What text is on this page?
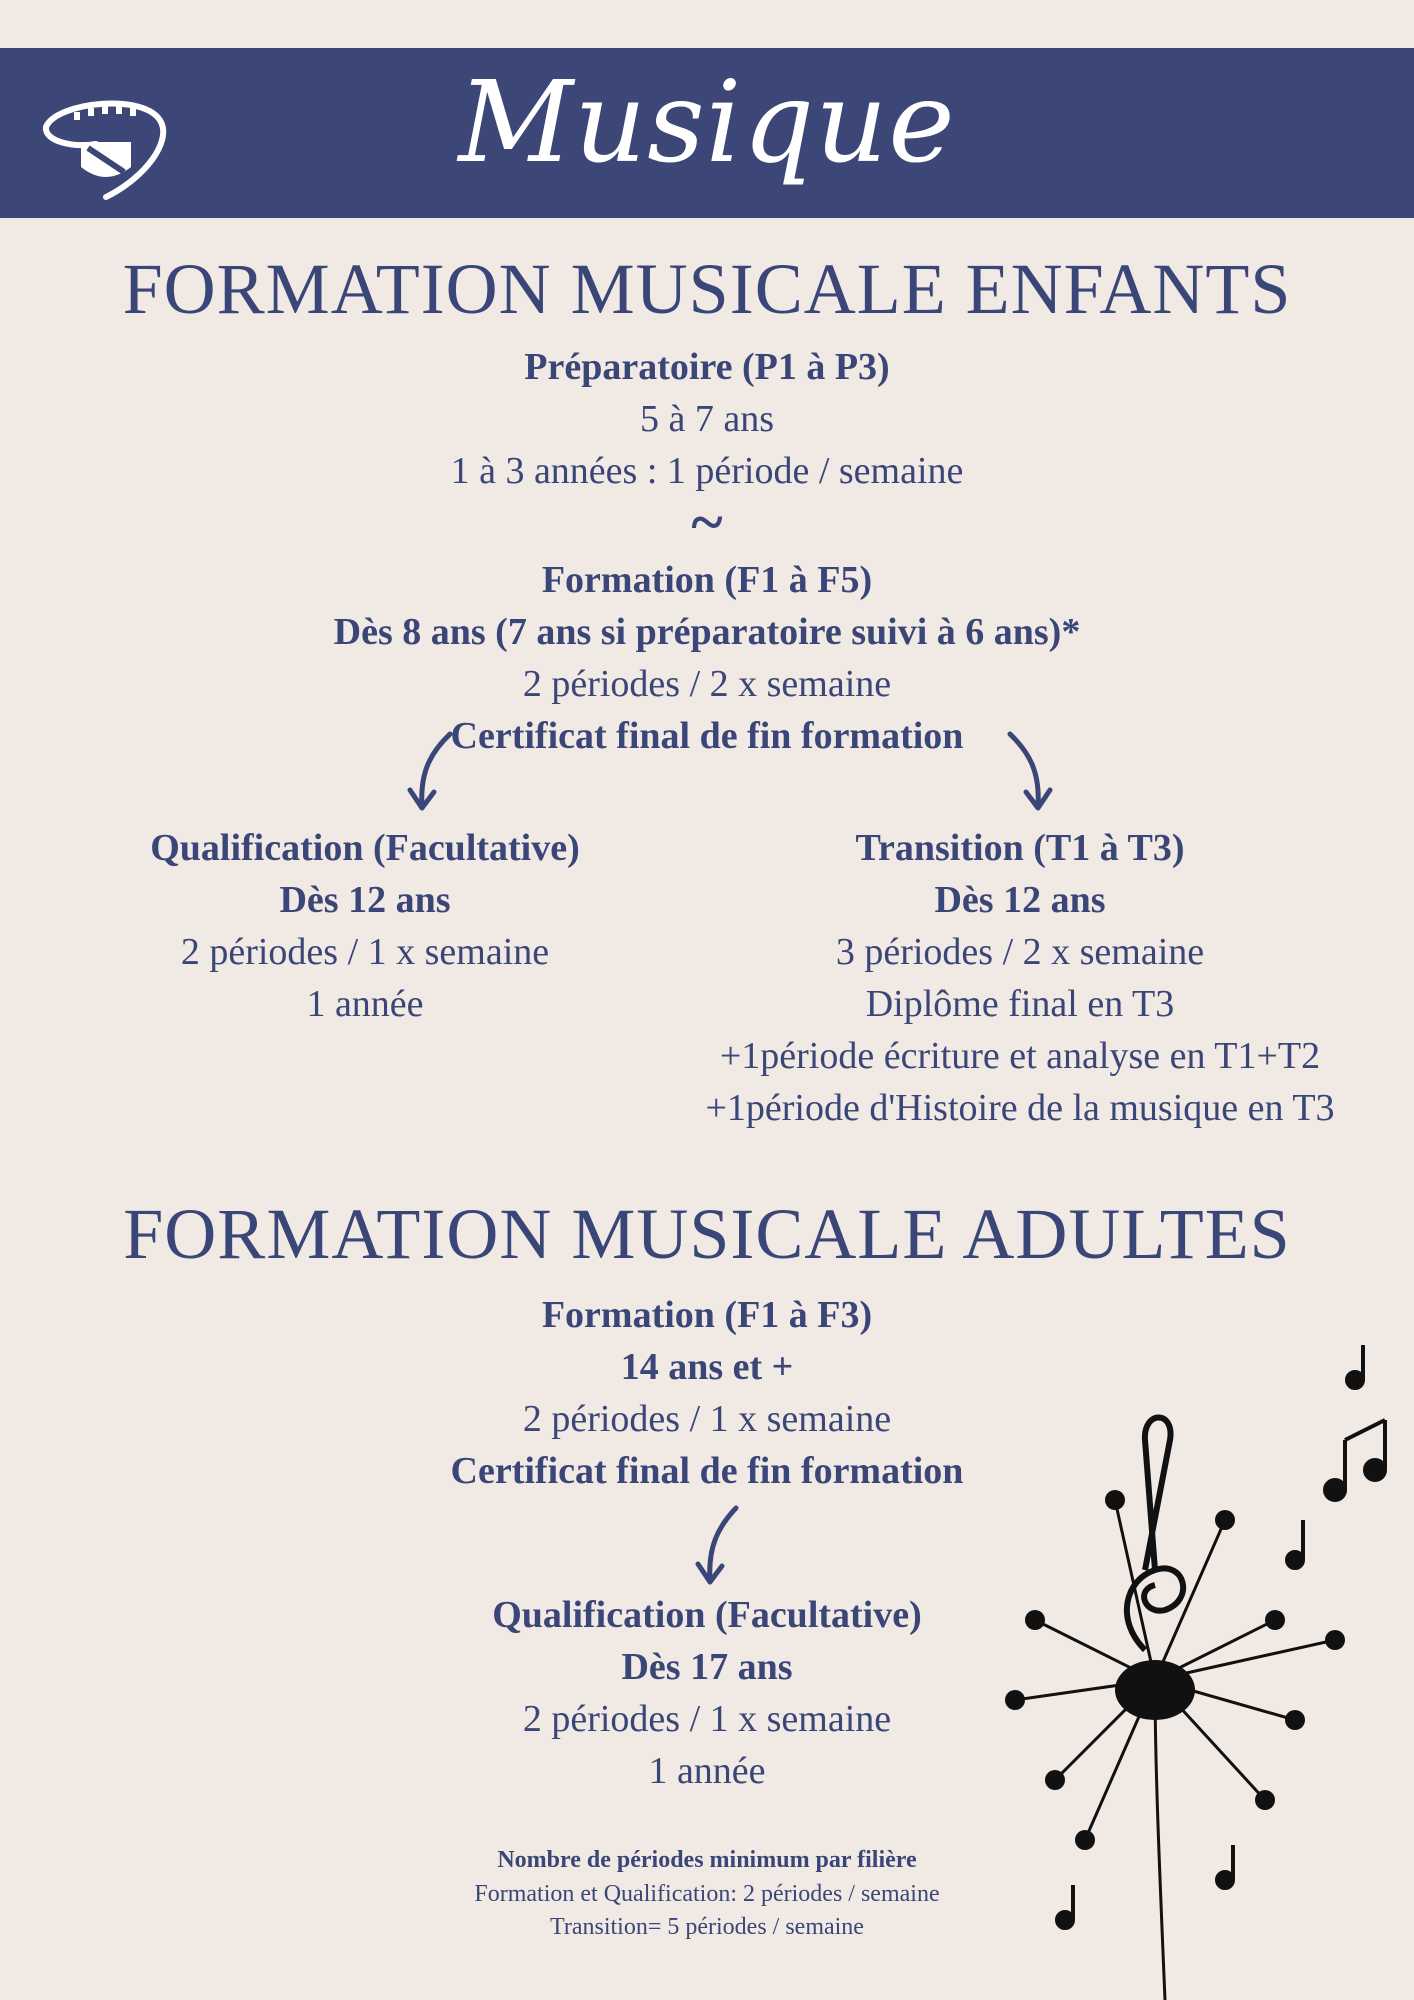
Musique
FORMATION MUSICALE ENFANTS
Préparatoire (P1 à P3)
5 à 7 ans
1 à 3 années : 1 période / semaine
~
Formation (F1 à F5)
Dès 8 ans (7 ans si préparatoire suivi à 6 ans)*
2 périodes / 2 x semaine
Certificat final de fin formation
Qualification (Facultative)
Dès 12 ans
2 périodes / 1 x semaine
1 année
Transition (T1 à T3)
Dès 12 ans
3 périodes / 2 x semaine
Diplôme final en T3
+1période écriture et analyse en T1+T2
+1période d'Histoire de la musique en T3
FORMATION MUSICALE ADULTES
Formation (F1 à F3)
14 ans et +
2 périodes / 1 x semaine
Certificat final de fin formation
Qualification (Facultative)
Dès 17 ans
2 périodes / 1 x semaine
1 année
Nombre de périodes minimum par filière
Formation et Qualification: 2 périodes / semaine
Transition= 5 périodes / semaine
